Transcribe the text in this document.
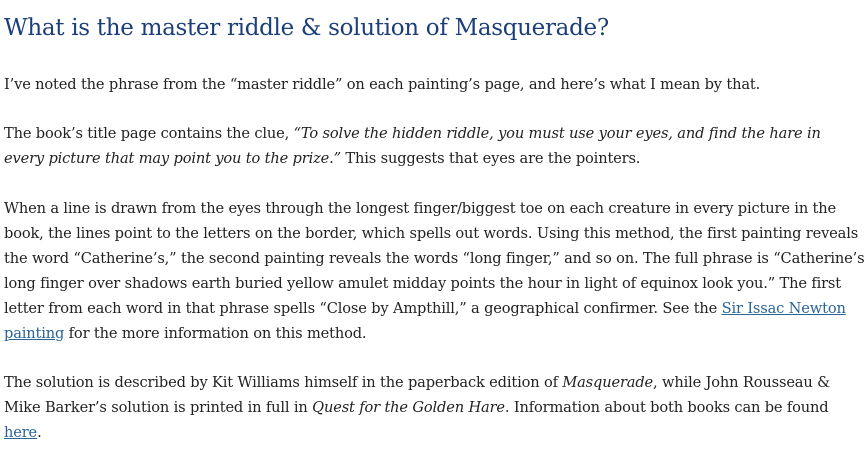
What is the master riddle & solution of Masquerade?
I’ve noted the phrase from the “master riddle” on each painting’s page, and here’s what I mean by that.
The book’s title page contains the clue, “To solve the hidden riddle, you must use your eyes, and find the hare in
every picture that may point you to the prize.” This suggests that eyes are the pointers.
When a line is drawn from the eyes through the longest finger/biggest toe on each creature in every picture in the
book, the lines point to the letters on the border, which spells out words. Using this method, the first painting reveals
the word “Catherine’s,” the second painting reveals the words “long finger,” and so on. The full phrase is “Catherine’s
long finger over shadows earth buried yellow amulet midday points the hour in light of equinox look you.” The first
letter from each word in that phrase spells “Close by Ampthill,” a geographical confirmer. See the Sir Issac Newton
painting for the more information on this method.
The solution is described by Kit Williams himself in the paperback edition of Masquerade, while John Rousseau &
Mike Barker’s solution is printed in full in Quest for the Golden Hare. Information about both books can be found
here.
